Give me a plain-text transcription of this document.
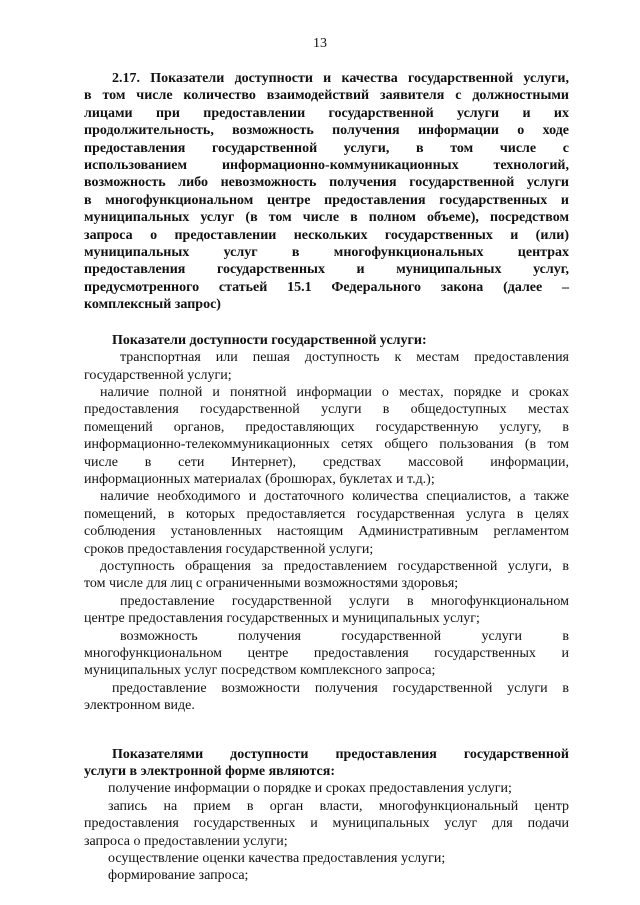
13

2.17. Показатели доступности и качества государственной услуги,

в том числе количество взаимодействий заявителя с должностными

лицами при предоставлении государственной услуги и их

продолжительность, возможность получения информации о ходе

предоставления государственной услуги, в том числе с

использованием информационно-коммуникационных технологий,

возможность либо невозможность получения государственной услуги

в многофункциональном центре предоставления государственных и

муниципальных услуг (в том числе в полном объеме), посредством

запроса о предоставлении нескольких государственных и (или)

муниципальных услуг в многофункциональных центрах

предоставления государственных и муниципальных услуг,

предусмотренного статьей 15.1 Федерального закона (далее –

комплексный запрос)

Показатели доступности государственной услуги:

транспортная или пешая доступность к местам предоставления

государственной услуги;

наличие полной и понятной информации о местах, порядке и сроках

предоставления государственной услуги в общедоступных местах

помещений органов, предоставляющих государственную услугу, в

информационно-телекоммуникационных сетях общего пользования (в том

числе в сети Интернет), средствах массовой информации,

информационных материалах (брошюрах, буклетах и т.д.);

наличие необходимого и достаточного количества специалистов, а также

помещений, в которых предоставляется государственная услуга в целях

соблюдения установленных настоящим Административным регламентом

сроков предоставления государственной услуги;

доступность обращения за предоставлением государственной услуги, в

том числе для лиц с ограниченными возможностями здоровья;

предоставление государственной услуги в многофункциональном

центре предоставления государственных и муниципальных услуг;

возможность получения государственной услуги в

многофункциональном центре предоставления государственных и

муниципальных услуг посредством комплексного запроса;

предоставление возможности получения государственной услуги в

электронном виде.

Показателями доступности предоставления государственной

услуги в электронной форме являются:

получение информации о порядке и сроках предоставления услуги;

запись на прием в орган власти, многофункциональный центр

предоставления государственных и муниципальных услуг для подачи

запроса о предоставлении услуги;

осуществление оценки качества предоставления услуги;

формирование запроса;
